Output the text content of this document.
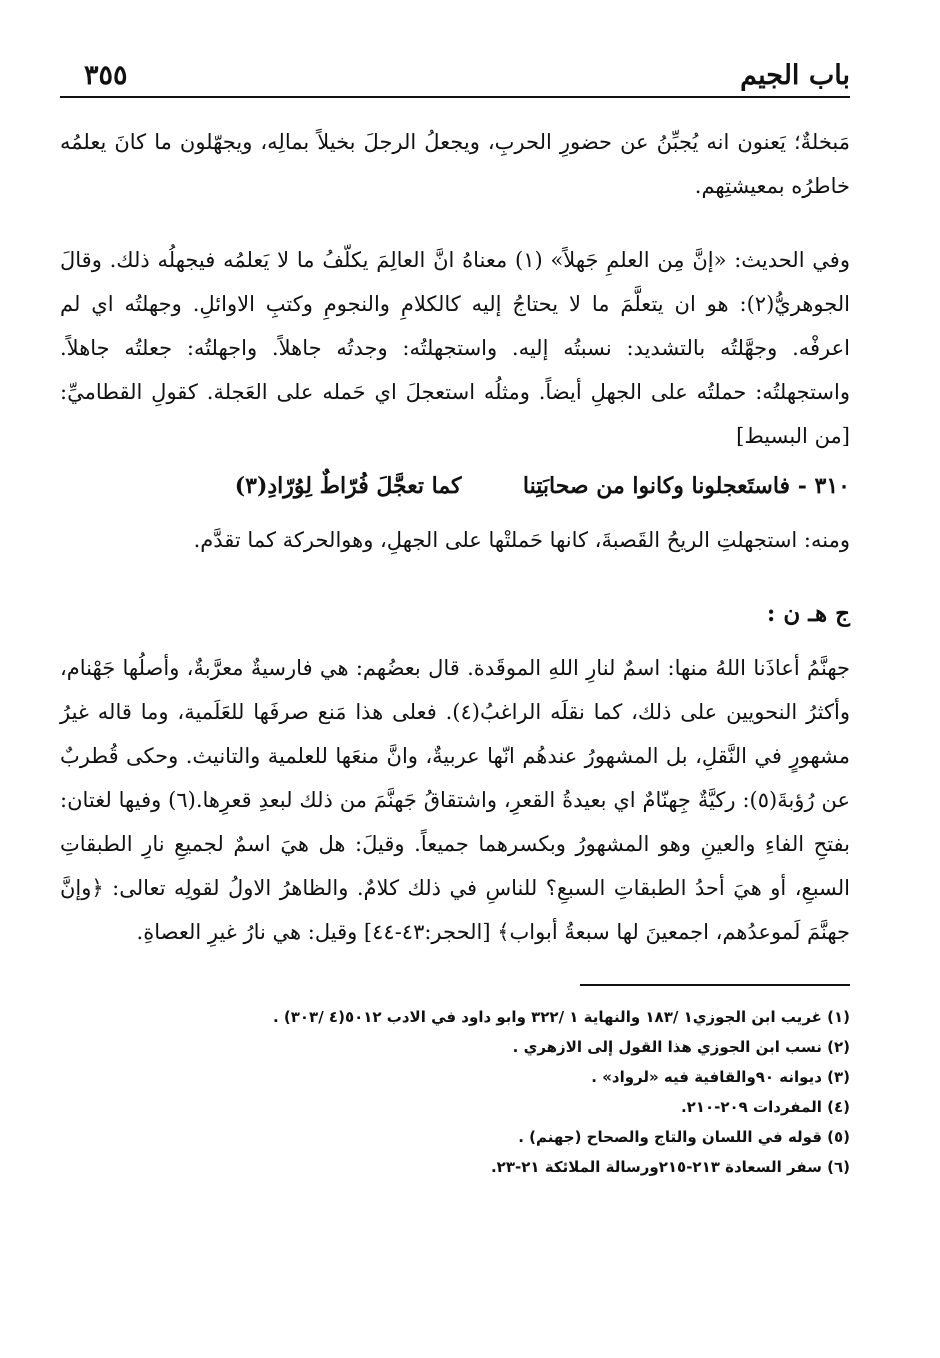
باب الجيم
٣٥٥

مَبخلةٌ؛ يَعنون انه يُجبِّنُ عن حضورِ الحربِ، ويجعلُ الرجلَ بخيلاً بمالِه، ويجهّلون ما كانَ يعلمُه خاطرُه بمعيشتِهم.

وفي الحديث: «إنَّ مِن العلمِ جَهلاً» (١) معناهُ انَّ العالِمَ يكلّفُ ما لا يَعلمُه فيجهلُه ذلك. وقالَ الجوهريُّ(٢): هو ان يتعلَّمَ ما لا يحتاجُ إليه كالكلامِ والنجومِ وكتبِ الاوائلِ. وجهلتُه اي لم اعرفْه. وجهَّلتُه بالتشديد: نسبتُه إليه. واستجهلتُه: وجدتُه جاهلاً. واجهلتُه: جعلتُه جاهلاً. واستجهلتُه: حملتُه على الجهلِ أيضاً. ومثلُه استعجلَ اي حَمله على العَجلة. كقولِ القطاميِّ: [من البسيط]

٣١٠ - فاستَعجلونا وكانوا من صحابَتِنا  كما تعجَّلَ فُرّاطٌ لِوُرّادِ(٣)

ومنه: استجهلتِ الريحُ القَصبةَ، كانها حَملتْها على الجهلِ، وهوالحركة كما تقدَّم.

ج هـ ن :

جهنَّمُ أعاذَنا اللهُ منها: اسمٌ لنارِ اللهِ الموقَدة. قال بعضُهم: هي فارسيةٌ معرَّبةٌ، وأصلُها جَهْنام، وأكثرُ النحويين على ذلك، كما نقلَه الراغبُ(٤). فعلى هذا مَنع صرفَها للعَلَمية، وما قاله غيرُ مشهورٍ في النَّقلِ، بل المشهورُ عندهُم انّها عربيةٌ، وانَّ منعَها للعلمية والتانيث. وحكى قُطربٌ عن رُؤبةَ(٥): ركيَّةٌ جِهنّامٌ اي بعيدةُ القعرِ، واشتقاقُ جَهنَّمَ من ذلك لبعدِ قعرِها.(٦) وفيها لغتان: بفتحِ الفاءِ والعينِ وهو المشهورُ وبكسرهما جميعاً. وقيلَ: هل هيَ اسمٌ لجميعِ نارِ الطبقاتِ السبعِ، أو هيَ أحدُ الطبقاتِ السبعِ؟ للناسِ في ذلك كلامٌ. والظاهرُ الاولُ لقولِه تعالى: ﴿وإنَّ جهنَّمَ لَموعدُهم، اجمعينَ لها سبعةُ أبواب﴾ [الحجر:٤٣-٤٤] وقيل: هي نارُ غيرِ العصاةِ.

(١) غريب ابن الجوزي١ /١٨٣ والنهاية ١ /٣٢٢ وابو داود في الادب ٥٠١٢(٤ /٣٠٣) .

(٢) نسب ابن الجوزي هذا القول إلى الازهري .

(٣) ديوانه ٩٠والقافية فيه «لرواد» .

(٤) المفردات ٢٠٩-٢١٠.

(٥) قوله في اللسان والتاج والصحاح (جهنم) .

(٦) سفر السعادة ٢١٣-٢١٥ورسالة الملائكة ٢١-٢٣.
